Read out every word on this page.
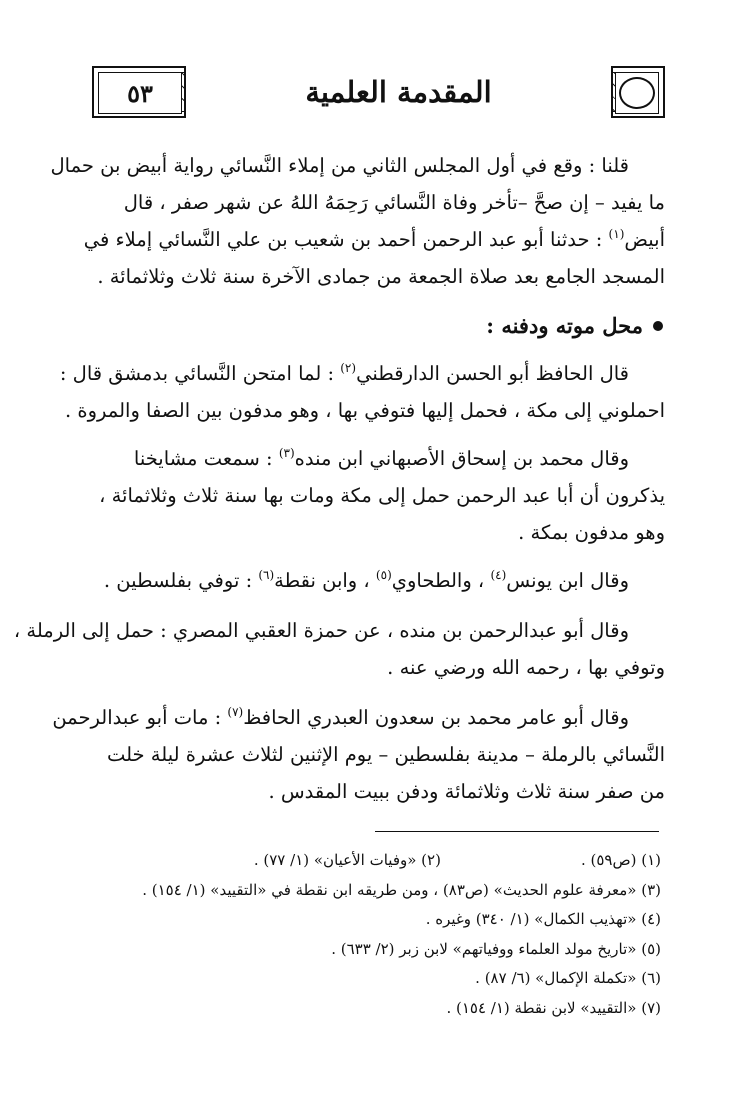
٥٣	المقدمة العلمية
قلنا : وقع في أول المجلس الثاني من إملاء النَّسائي رواية أبيض بن حمال
ما يفيد – إن صحَّ –تأخر وفاة النَّسائي رَحِمَهُ اللهُ عن شهر صفر ، قال
أبيض$^{(١)}$ : حدثنا أبو عبد الرحمن أحمد بن شعيب بن علي النَّسائي إملاء في
المسجد الجامع بعد صلاة الجمعة من جمادى الآخرة سنة ثلاث وثلاثمائة .
محل موته ودفنه :
قال الحافظ أبو الحسن الدارقطني$^{(٢)}$ : لما امتحن النَّسائي بدمشق قال :
احملوني إلى مكة ، فحمل إليها فتوفي بها ، وهو مدفون بين الصفا والمروة .
وقال محمد بن إسحاق الأصبهاني ابن منده$^{(٣)}$ : سمعت مشايخنا
يذكرون أن أبا عبد الرحمن حمل إلى مكة ومات بها سنة ثلاث وثلاثمائة ،
وهو مدفون بمكة .
وقال ابن يونس$^{(٤)}$ ، والطحاوي$^{(٥)}$ ، وابن نقطة$^{(٦)}$ : توفي بفلسطين .
وقال أبو عبدالرحمن بن منده ، عن حمزة العقبي المصري : حمل إلى الرملة ،
وتوفي بها ، رحمه الله ورضي عنه .
وقال أبو عامر محمد بن سعدون العبدري الحافظ$^{(٧)}$ : مات أبو عبدالرحمن
النَّسائي بالرملة – مدينة بفلسطين – يوم الإثنين لثلاث عشرة ليلة خلت
من صفر سنة ثلاث وثلاثمائة ودفن ببيت المقدس .
(١) (ص٥٩) .
(٢) «وفيات الأعيان» (١/ ٧٧) .
(٣) «معرفة علوم الحديث» (ص٨٣) ، ومن طريقه ابن نقطة في «التقييد» (١/ ١٥٤) .
(٤) «تهذيب الكمال» (١/ ٣٤٠) وغيره .
(٥) «تاريخ مولد العلماء ووفياتهم» لابن زبر (٢/ ٦٣٣) .
(٦) «تكملة الإكمال» (٦/ ٨٧) .
(٧) «التقييد» لابن نقطة (١/ ١٥٤) .
